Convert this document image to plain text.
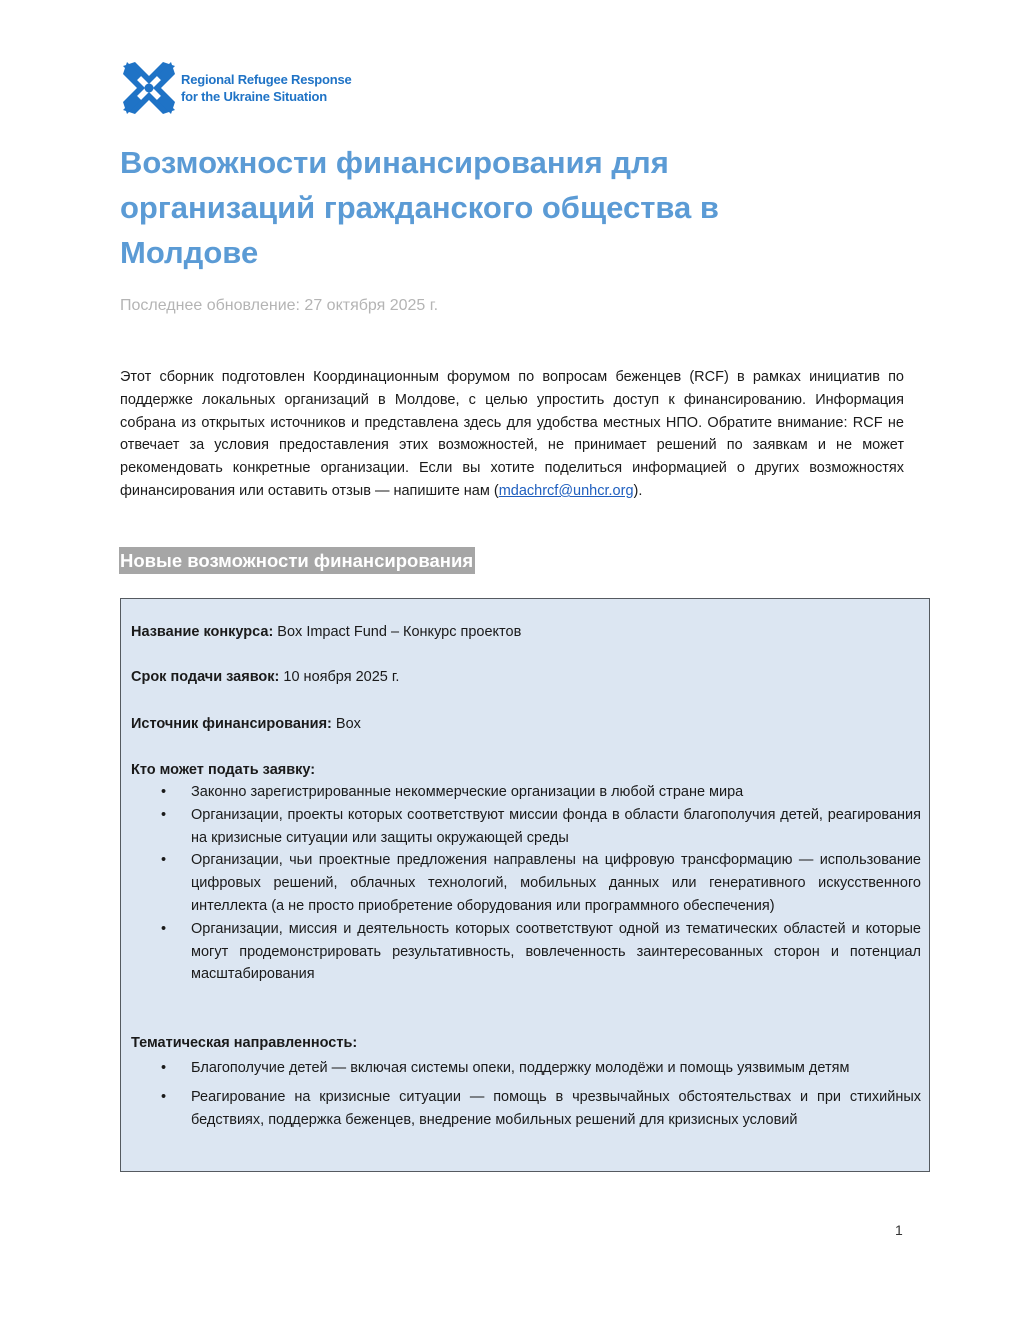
Regional Refugee Response
for the Ukraine Situation
Возможности финансирования для организаций гражданского общества в Молдове
Последнее обновление: 27 октября 2025 г.

Этот сборник подготовлен Координационным форумом по вопросам беженцев (RCF) в рамках инициатив по поддержке локальных организаций в Молдове, с целью упростить доступ к финансированию. Информация собрана из открытых источников и представлена здесь для удобства местных НПО. Обратите внимание: RCF не отвечает за условия предоставления этих возможностей, не принимает решений по заявкам и не может рекомендовать конкретные организации. Если вы хотите поделиться информацией о других возможностях финансирования или оставить отзыв — напишите нам (mdachrcf@unhcr.org).

Новые возможности финансирования
Название конкурса: Box Impact Fund – Конкурс проектов
Срок подачи заявок: 10 ноября 2025 г.
Источник финансирования: Box
Кто может подать заявку:
• Законно зарегистрированные некоммерческие организации в любой стране мира
• Организации, проекты которых соответствуют миссии фонда в области благополучия детей, реагирования на кризисные ситуации или защиты окружающей среды
• Организации, чьи проектные предложения направлены на цифровую трансформацию — использование цифровых решений, облачных технологий, мобильных данных или генеративного искусственного интеллекта (а не просто приобретение оборудования или программного обеспечения)
• Организации, миссия и деятельность которых соответствуют одной из тематических областей и которые могут продемонстрировать результативность, вовлеченность заинтересованных сторон и потенциал масштабирования
Тематическая направленность:
• Благополучие детей — включая системы опеки, поддержку молодёжи и помощь уязвимым детям
• Реагирование на кризисные ситуации — помощь в чрезвычайных обстоятельствах и при стихийных бедствиях, поддержка беженцев, внедрение мобильных решений для кризисных условий
1
